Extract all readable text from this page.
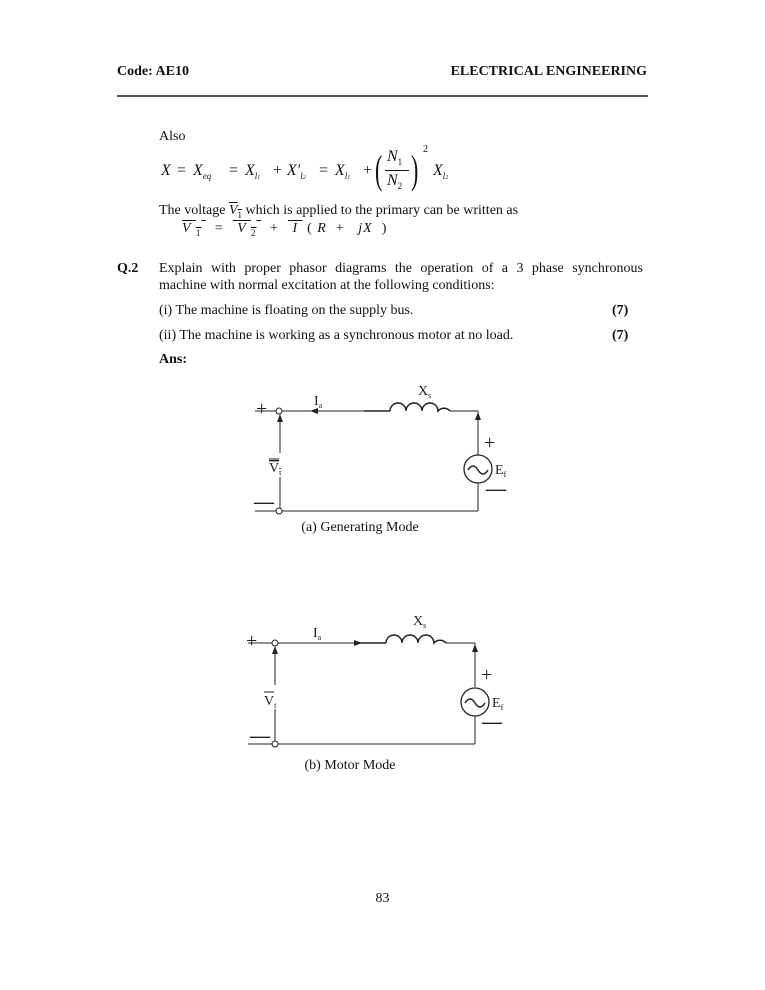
Code: AE10	ELECTRICAL ENGINEERING
Also
$X = X_{eq} = X_{l1} + X'_{l2} = X_{l1}$ + ( $N_1$
$N_2$ ) 2
$X_{l2}$
The voltage $V_1$ which is applied to the primary can be written as
V $_1$ = V $_2$ + I  ( R  +   jX  )
Q.2 Explain with proper phasor diagrams the operation of a 3 phase synchronous
machine with normal excitation at the following conditions:
(i) The machine is floating on the supply bus.	(7)
(ii) The machine is working as a synchronous motor at no load.	(7)
Ans:
+
—
+
—
$I_a$
$X_s$
$V_t$	$E_f$
(a) Generating Mode
+
—
+
—
$I_a$
$X_s$
$V_t$	$E_f$
(b) Motor Mode
83
